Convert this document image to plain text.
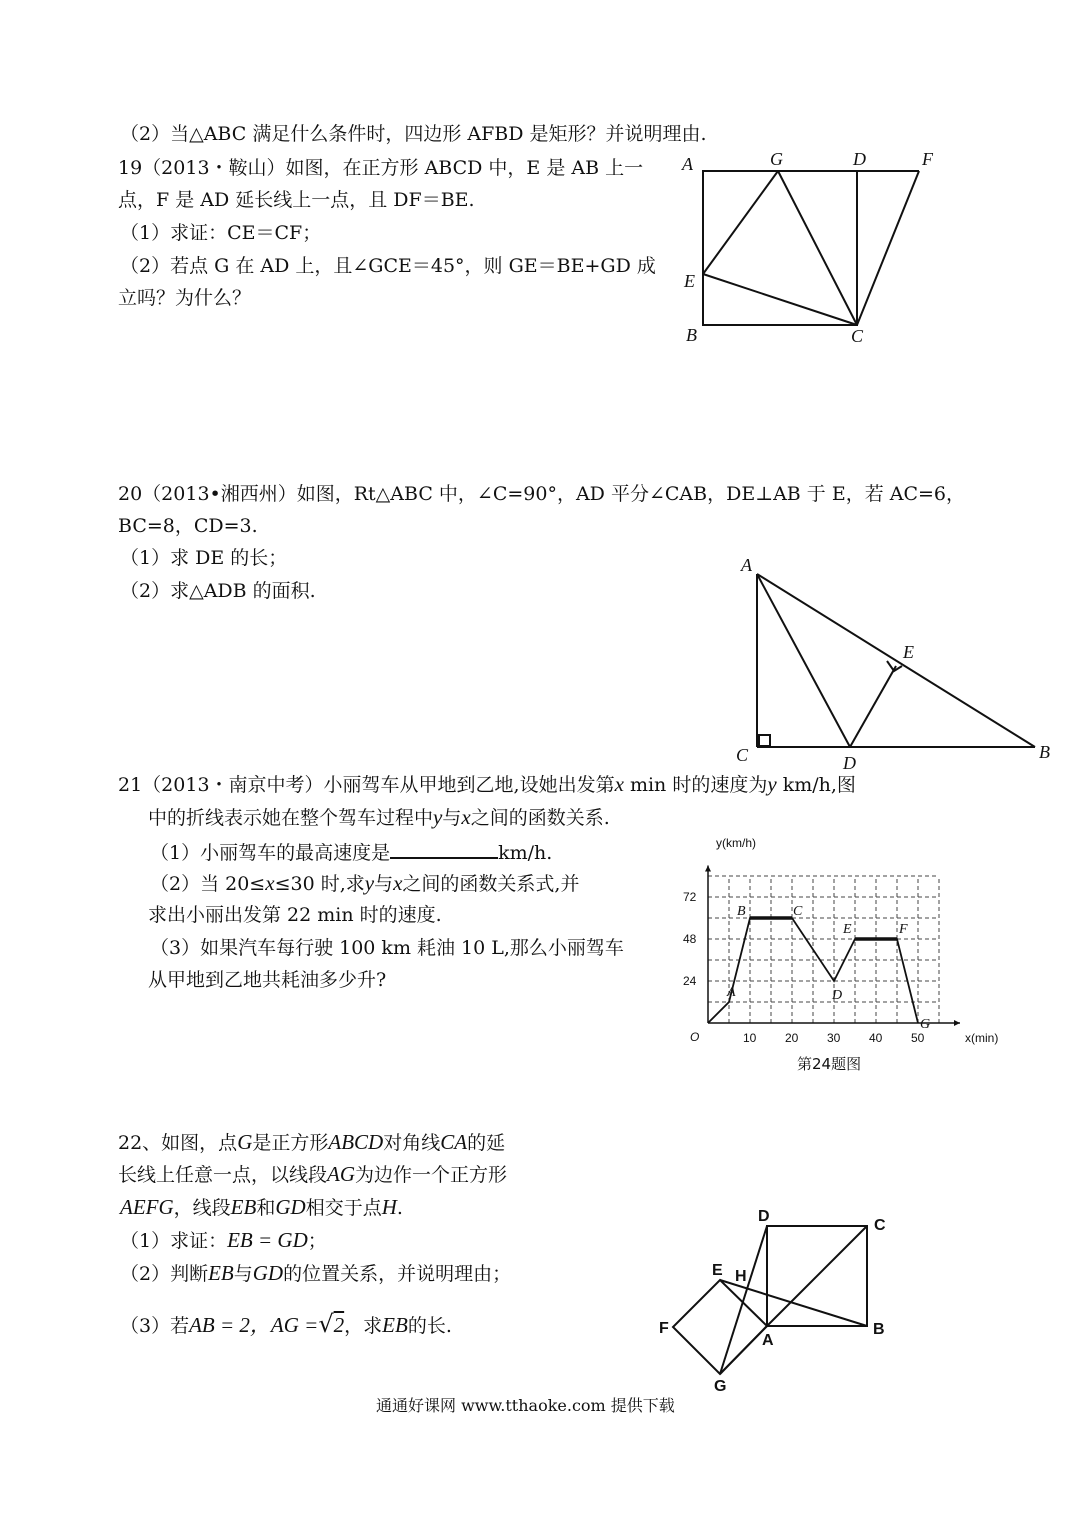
（2）当△ABC 满足什么条件时，四边形 AFBD 是矩形？并说明理由.
19（2013・鞍山）如图，在正方形 ABCD 中，E 是 AB 上一
点，F 是 AD 延长线上一点，且 DF＝BE.
（1）求证：CE＝CF；
（2）若点 G 在 AD 上，且∠GCE＝45°，则 GE＝BE+GD 成
立吗？为什么？
A	G	D	F
E
B	C
20（2013•湘西州）如图，Rt△ABC 中，∠C=90°，AD 平分∠CAB，DE⊥AB 于 E，若 AC=6，
BC=8，CD=3.
（1）求 DE 的长；
（2）求△ADB 的面积.
A
E
C	D
B
21（2013・南京中考）小丽驾车从甲地到乙地,设她出发第x min 时的速度为y km/h,图
中的折线表示她在整个驾车过程中y与x之间的函数关系.
（1）小丽驾车的最高速度是	km/h.
（2）当 20≤x≤30 时,求y与x之间的函数关系式,并
求出小丽出发第 22 min 时的速度.
（3）如果汽车每行驶 100 km 耗油 10 L,那么小丽驾车
从甲地到乙地共耗油多少升?
10 20 30 40 50
24
48
72
A
B	C
D
E	F
G
y(km/h)
x(min)
O
第24题图
22、如图，点G是正方形ABCD对角线CA的延
长线上任意一点，以线段AG为边作一个正方形
AEFG，线段EB和GD相交于点H.
（1）求证：EB = GD；
（2）判断EB与GD的位置关系，并说明理由；
（3）若AB = 2，AG =√2，求EB的长.
D
C
E H
F
A
B
G
通通好课网 www.tthaoke.com 提供下载
